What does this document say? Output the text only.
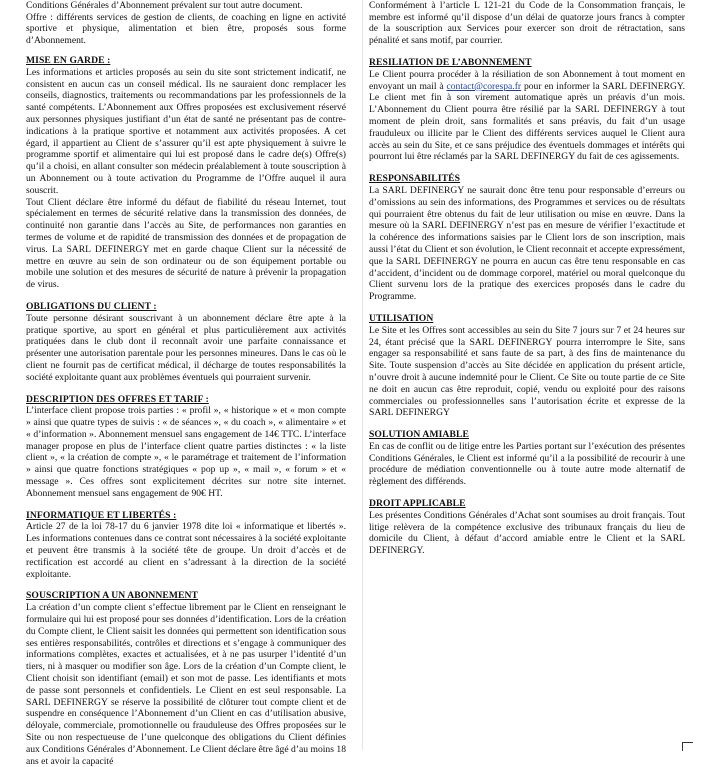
Conditions Générales d’Abonnement prévalent sur tout autre document.

Offre : différents services de gestion de clients, de coaching en ligne en activité sportive et physique, alimentation et bien être, proposés sous forme d’Abonnement.

MISE EN GARDE :

Les informations et articles proposés au sein du site sont strictement indicatif, ne consistent en aucun cas un conseil médical. Ils ne sauraient donc remplacer les conseils, diagnostics, traitements ou recommandations par les professionnels de la santé compétents. L’Abonnement aux Offres proposées est exclusivement réservé aux personnes physiques justifiant d’un état de santé ne présentant pas de contre-indications à la pratique sportive et notamment aux activités proposées. A cet égard, il appartient au Client de s’assurer qu’il est apte physiquement à suivre le programme sportif et alimentaire qui lui est proposé dans le cadre de(s) Offre(s) qu’il a choisi, en allant consulter son médecin préalablement à toute souscription à un Abonnement ou à toute activation du Programme de l’Offre auquel il aura souscrit.

Tout Client déclare être informé du défaut de fiabilité du réseau Internet, tout spécialement en termes de sécurité relative dans la transmission des données, de continuité non garantie dans l’accès au Site, de performances non garanties en termes de volume et de rapidité de transmission des données et de propagation de virus. La SARL DEFINERGY met en garde chaque Client sur la nécessité de mettre en œuvre au sein de son ordinateur ou de son équipement portable ou mobile une solution et des mesures de sécurité de nature à prévenir la propagation de virus.

OBLIGATIONS DU CLIENT :

Toute personne désirant souscrivant à un abonnement déclare être apte à la pratique sportive, au sport en général et plus particulièrement aux activités pratiquées dans le club dont il reconnaît avoir une parfaite connaissance et présenter une autorisation parentale pour les personnes mineures. Dans le cas où le client ne fournit pas de certificat médical, il décharge de toutes responsabilités la société exploitante quant aux problèmes éventuels qui pourraient survenir.

DESCRIPTION DES OFFRES ET TARIF :

L’interface client propose trois parties : « profil », « historique » et « mon compte » ainsi que quatre types de suivis : « de séances », « du coach », « alimentaire » et « d’information ». Abonnement mensuel sans engagement de 14€ TTC. L’interface manager propose en plus de l’interface client quatre parties distinctes : « la liste client », « la création de compte », « le paramétrage et traitement de l’information » ainsi que quatre fonctions stratégiques « pop up », « mail », « forum » et « message ». Ces offres sont explicitement décrites sur notre site internet. Abonnement mensuel sans engagement de 90€ HT.

INFORMATIQUE ET LIBERTÉS :

Article 27 de la loi 78-17 du 6 janvier 1978 dite loi « informatique et libertés ». Les informations contenues dans ce contrat sont nécessaires à la société exploitante et peuvent être transmis à la société tête de groupe. Un droit d’accès et de rectification est accordé au client en s’adressant à la direction de la société exploitante.

SOUSCRIPTION A UN ABONNEMENT

La création d’un compte client s’effectue librement par le Client en renseignant le formulaire qui lui est proposé pour ses données d’identification. Lors de la création du Compte client, le Client saisit les données qui permettent son identification sous ses entières responsabilités, contrôles et directions et s’engage à communiquer des informations complètes, exactes et actualisées, et à ne pas usurper l’identité d’un tiers, ni à masquer ou modifier son âge. Lors de la création d’un Compte client, le Client choisit son identifiant (email) et son mot de passe. Les identifiants et mots de passe sont personnels et confidentiels. Le Client en est seul responsable. La SARL DEFINERGY se réserve la possibilité de clôturer tout compte client et de suspendre en conséquence l’Abonnement d’un Client en cas d’utilisation abusive, déloyale, commerciale, promotionnelle ou frauduleuse des Offres proposées sur le Site ou non respectueuse de l’une quelconque des obligations du Client définies aux Conditions Générales d’Abonnement. Le Client déclare être âgé d’au moins 18 ans et avoir la capacité

Conformément à l’article L 121-21 du Code de la Consommation français, le membre est informé qu’il dispose d’un délai de quatorze jours francs à compter de la souscription aux Services pour exercer son droit de rétractation, sans pénalité et sans motif, par courrier.

RESILIATION DE L’ABONNEMENT

Le Client pourra procéder à la résiliation de son Abonnement à tout moment en envoyant un mail à contact@corespa.fr pour en informer la SARL DEFINERGY. Le client met fin à son virement automatique après un préavis d’un mois. L’Abonnement du Client pourra être résilié par la SARL DEFINERGY à tout moment de plein droit, sans formalités et sans préavis, du fait d’un usage frauduleux ou illicite par le Client des différents services auquel le Client aura accès au sein du Site, et ce sans préjudice des éventuels dommages et intérêts qui pourront lui être réclamés par la SARL DEFINERGY du fait de ces agissements.

RESPONSABILITÉS

La SARL DEFINERGY ne saurait donc être tenu pour responsable d’erreurs ou d’omissions au sein des informations, des Programmes et services ou de résultats qui pourraient être obtenus du fait de leur utilisation ou mise en œuvre. Dans la mesure où la SARL DEFINERGY n’est pas en mesure de vérifier l’exactitude et la cohérence des informations saisies par le Client lors de son inscription, mais aussi l’état du Client et son évolution, le Client reconnait et accepte expressément, que la SARL DEFINERGY ne pourra en aucun cas être tenu responsable en cas d’accident, d’incident ou de dommage corporel, matériel ou moral quelconque du Client survenu lors de la pratique des exercices proposés dans le cadre du Programme.

UTILISATION

Le Site et les Offres sont accessibles au sein du Site 7 jours sur 7 et 24 heures sur 24, étant précisé que la SARL DEFINERGY pourra interrompre le Site, sans engager sa responsabilité et sans faute de sa part, à des fins de maintenance du Site. Toute suspension d’accès au Site décidée en application du présent article, n’ouvre droit à aucune indemnité pour le Client. Ce Site ou toute partie de ce Site ne doit en aucun cas être reproduit, copié, vendu ou exploité pour des raisons commerciales ou professionnelles sans l’autorisation écrite et expresse de la SARL DEFINERGY

SOLUTION AMIABLE

En cas de conflit ou de litige entre les Parties portant sur l’exécution des présentes Conditions Générales, le Client est informé qu’il a la possibilité de recourir à une procédure de médiation conventionnelle ou à toute autre mode alternatif de règlement des différends.

DROIT APPLICABLE

Les présentes Conditions Générales d’Achat sont soumises au droit français. Tout litige relèvera de la compétence exclusive des tribunaux français du lieu de domicile du Client, à défaut d’accord amiable entre le Client et la SARL DEFINERGY.
